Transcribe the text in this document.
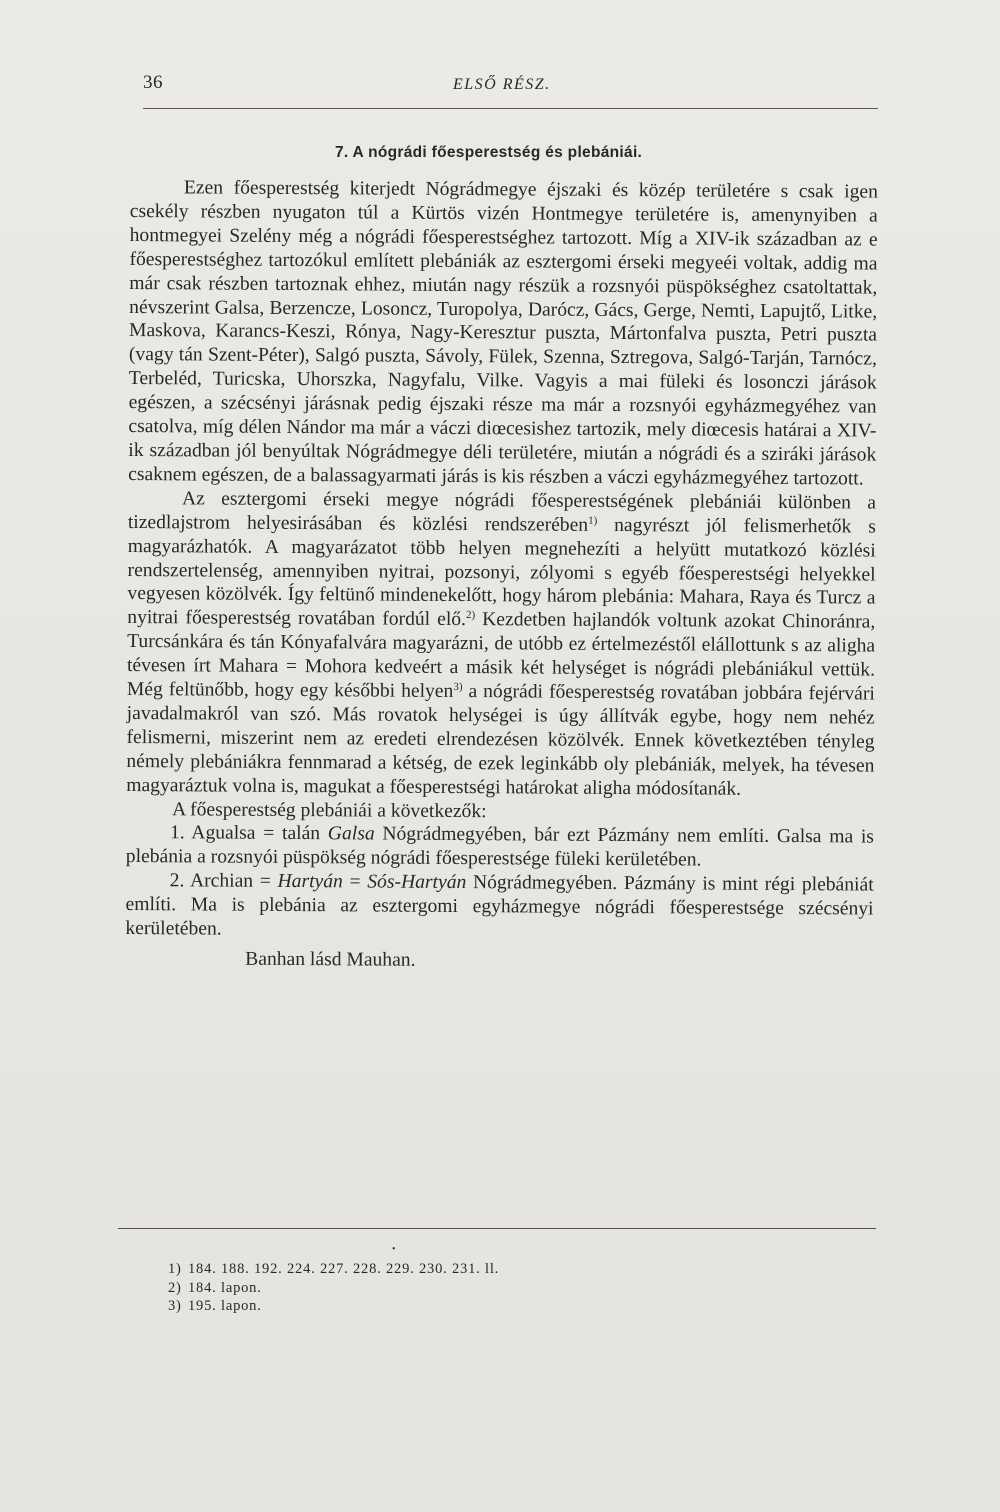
36	ELSŐ RÉSZ.
7. A nógrádi főesperestség és plebániái.

Ezen főesperestség kiterjedt Nógrádmegye éjszaki és közép területére s csak igen csekély részben nyugaton túl a Kürtös vizén Hontmegye területére is, amenynyiben a hontmegyei Szelény még a nógrádi főesperestséghez tartozott. Míg a XIV-ik században az e főesperestséghez tartozókul említett plebániák az esztergomi érseki megyeéi voltak, addig ma már csak részben tartoznak ehhez, miután nagy részük a rozsnyói püspökséghez csatoltattak, névszerint Galsa, Berzencze, Losoncz, Turopolya, Darócz, Gács, Gerge, Nemti, Lapujtő, Litke, Maskova, Karancs-Keszi, Rónya, Nagy-Keresztur puszta, Mártonfalva puszta, Petri puszta (vagy tán Szent-Péter), Salgó puszta, Sávoly, Fülek, Szenna, Sztregova, Salgó-Tarján, Tarnócz, Terbeléd, Turicska, Uhorszka, Nagyfalu, Vilke. Vagyis a mai füleki és losonczi járások egészen, a szécsényi járásnak pedig éjszaki része ma már a rozsnyói egyházmegyéhez van csatolva, míg délen Nándor ma már a váczi diœcesishez tartozik, mely diœcesis határai a XIV-ik században jól benyúltak Nógrádmegye déli területére, miután a nógrádi és a sziráki járások csaknem egészen, de a balassagyarmati járás is kis részben a váczi egyházmegyéhez tartozott.

Az esztergomi érseki megye nógrádi főesperestségének plebániái különben a tizedlajstrom helyesirásában és közlési rendszerében$^{1)}$ nagyrészt jól felismerhetők s magyarázhatók. A magyarázatot több helyen megnehezíti a helyütt mutatkozó közlési rendszertelenség, amennyiben nyitrai, pozsonyi, zólyomi s egyéb főesperestségi helyekkel vegyesen közölvék. Így feltünő mindenekelőtt, hogy három plebánia: Mahara, Raya és Turcz a nyitrai főesperestség rovatában fordúl elő.$^{2)}$ Kezdetben hajlandók voltunk azokat Chinoránra, Turcsánkára és tán Kónyafalvára magyarázni, de utóbb ez értelmezéstől elállottunk s az aligha tévesen írt Mahara = Mohora kedveért a másik két helységet is nógrádi plebániákul vettük. Még feltünőbb, hogy egy későbbi helyen$^{3)}$ a nógrádi főesperestség rovatában jobbára fejérvári javadalmakról van szó. Más rovatok helységei is úgy állítvák egybe, hogy nem nehéz felismerni, miszerint nem az eredeti elrendezésen közölvék. Ennek következtében tényleg némely plebániákra fennmarad a kétség, de ezek leginkább oly plebániák, melyek, ha tévesen magyaráztuk volna is, magukat a főesperestségi határokat aligha módosítanák.

A főesperestség plebániái a következők:

1. Agualsa = talán Galsa Nógrádmegyében, bár ezt Pázmány nem említi. Galsa ma is plebánia a rozsnyói püspökség nógrádi főesperestsége füleki kerületében.

2. Archian = Hartyán = Sós-Hartyán Nógrádmegyében. Pázmány is mint régi plebániát említi. Ma is plebánia az esztergomi egyházmegye nógrádi főesperestsége szécsényi kerületében.

Banhan lásd Mauhan.

•
1) 184. 188. 192. 224. 227. 228. 229. 230. 231. ll.
2) 184. lapon.
3) 195. lapon.
